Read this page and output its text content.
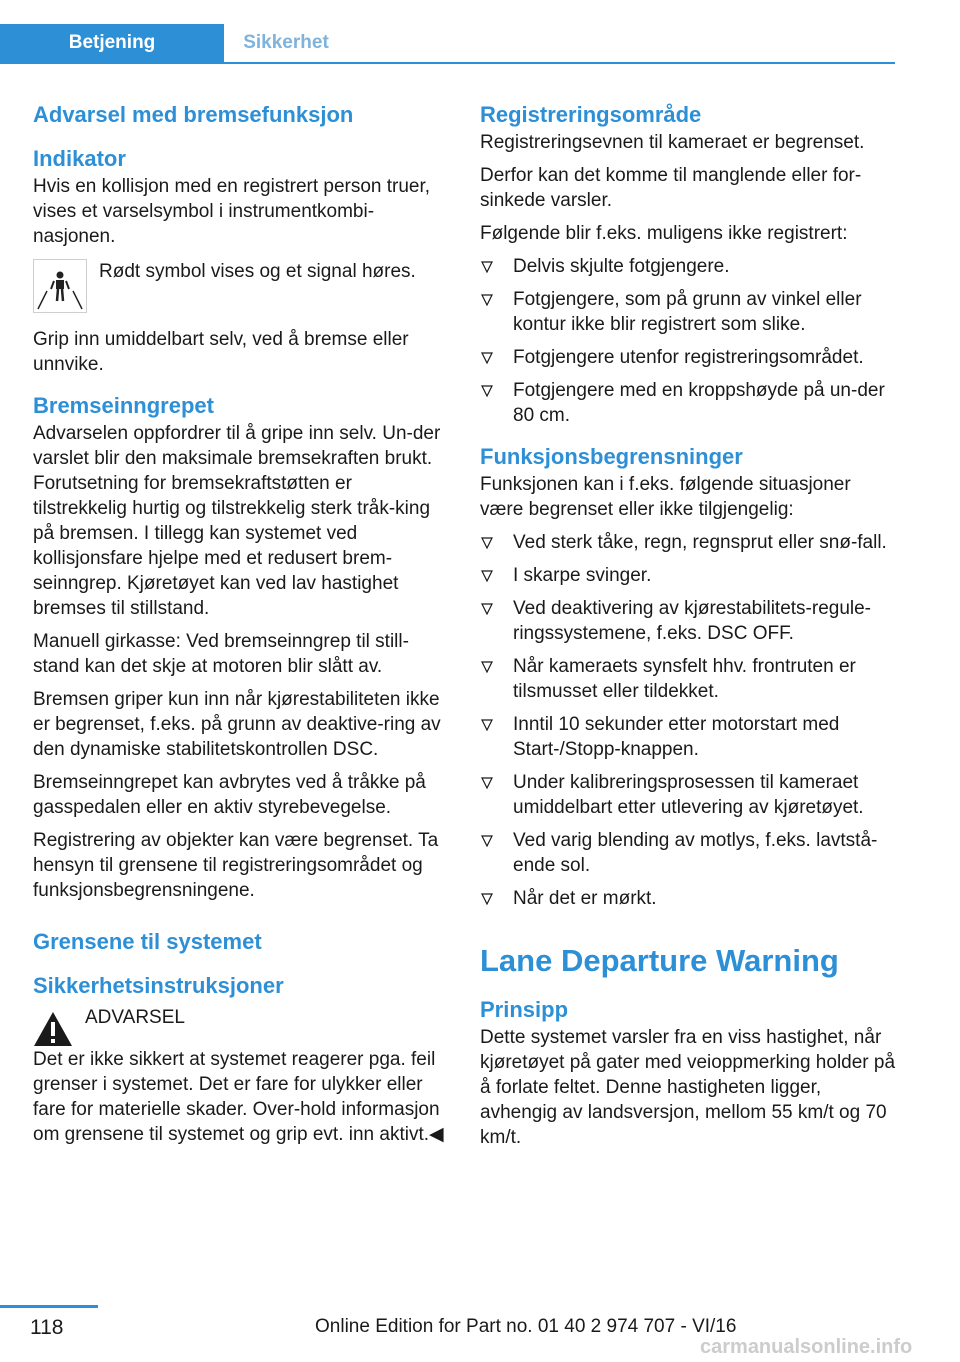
Betjening	Sikkerhet
Advarsel med bremsefunksjon
Indikator

Hvis en kollisjon med en registrert person truer, vises et varselsymbol i instrumentkombi-nasjonen.

Rødt symbol vises og et signal høres.

Grip inn umiddelbart selv, ved å bremse eller unnvike.

Bremseinngrepet

Advarselen oppfordrer til å gripe inn selv. Un-der varslet blir den maksimale bremsekraften brukt. Forutsetning for bremsekraftstøtten er tilstrekkelig hurtig og tilstrekkelig sterk tråk-king på bremsen. I tillegg kan systemet ved kollisjonsfare hjelpe med et redusert brem-seinngrep. Kjøretøyet kan ved lav hastighet bremses til stillstand.

Manuell girkasse: Ved bremseinngrep til still-stand kan det skje at motoren blir slått av.

Bremsen griper kun inn når kjørestabiliteten ikke er begrenset, f.eks. på grunn av deaktive-ring av den dynamiske stabilitetskontrollen DSC.

Bremseinngrepet kan avbrytes ved å tråkke på gasspedalen eller en aktiv styrebevegelse.

Registrering av objekter kan være begrenset. Ta hensyn til grensene til registreringsområdet og funksjonsbegrensningene.

Grensene til systemet
Sikkerhetsinstruksjoner
ADVARSEL

Det er ikke sikkert at systemet reagerer pga. feil grenser i systemet. Det er fare for ulykker eller fare for materielle skader. Over-hold informasjon om grensene til systemet og grip evt. inn aktivt.◀

Registreringsområde

Registreringsevnen til kameraet er begrenset.

Derfor kan det komme til manglende eller for-sinkede varsler.

Følgende blir f.eks. muligens ikke registrert:

Delvis skjulte fotgjengere.
Fotgjengere, som på grunn av vinkel eller kontur ikke blir registrert som slike.
Fotgjengere utenfor registreringsområdet.
Fotgjengere med en kroppshøyde på un-der 80 cm.
Funksjonsbegrensninger

Funksjonen kan i f.eks. følgende situasjoner være begrenset eller ikke tilgjengelig:

Ved sterk tåke, regn, regnsprut eller snø-fall.
I skarpe svinger.
Ved deaktivering av kjørestabilitets-regule-ringssystemene, f.eks. DSC OFF.
Når kameraets synsfelt hhv. frontruten er tilsmusset eller tildekket.
Inntil 10 sekunder etter motorstart med Start-/Stopp-knappen.
Under kalibreringsprosessen til kameraet umiddelbart etter utlevering av kjøretøyet.
Ved varig blending av motlys, f.eks. lavtstå-ende sol.
Når det er mørkt.
Lane Departure Warning
Prinsipp

Dette systemet varsler fra en viss hastighet, når kjøretøyet på gater med veioppmerking holder på å forlate feltet. Denne hastigheten ligger, avhengig av landsversjon, mellom 55 km/t og 70 km/t.

118	Online Edition for Part no. 01 40 2 974 707 - VI/16
carmanualsonline.info
